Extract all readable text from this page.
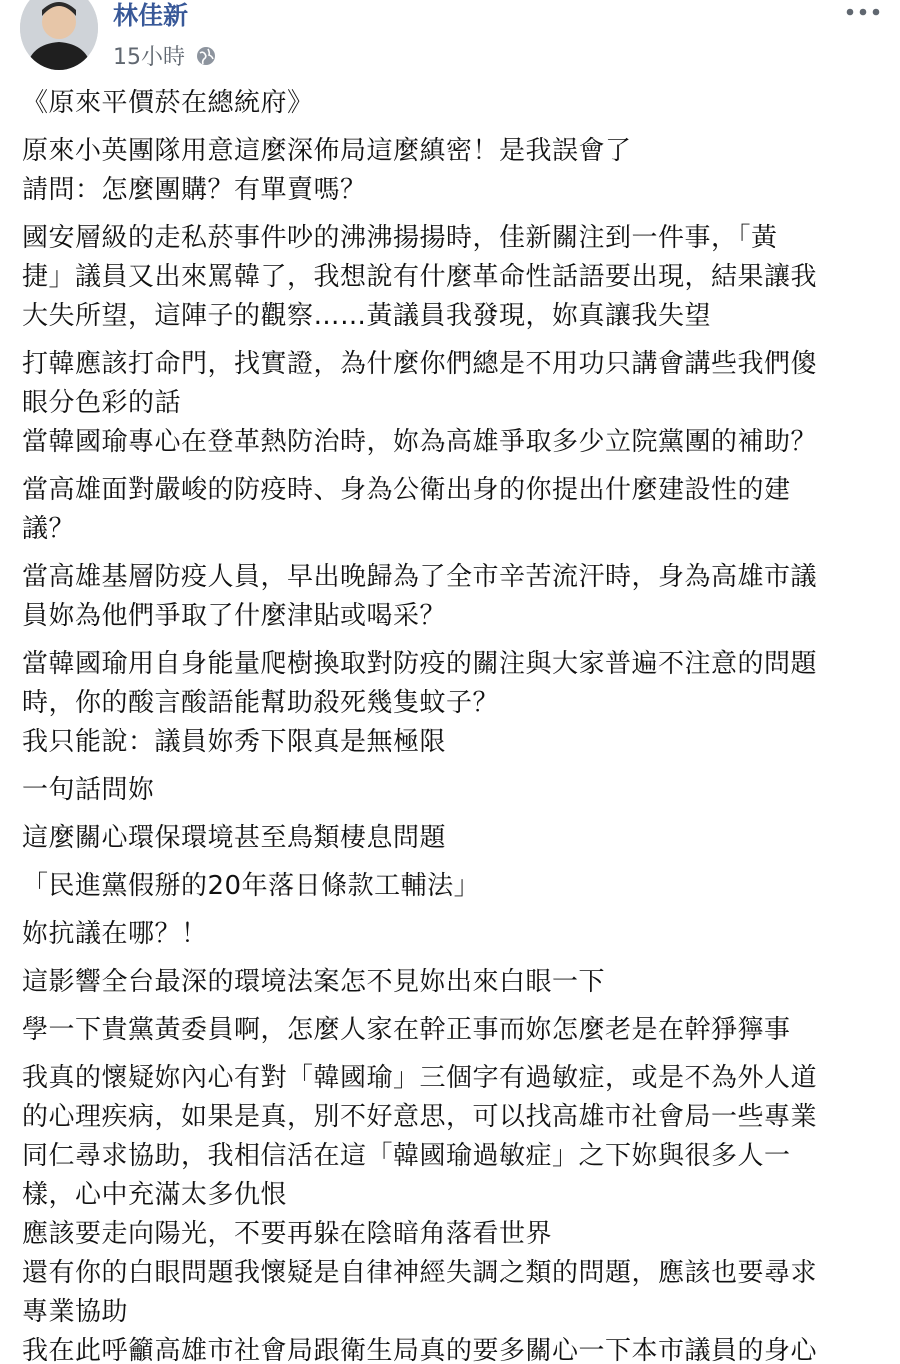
林佳新
15小時
《原來平價菸在總統府》
原來小英團隊用意這麼深佈局這麼縝密！是我誤會了
請問：怎麼團購？有單賣嗎？
國安層級的走私菸事件吵的沸沸揚揚時，佳新關注到一件事，「黃
捷」議員又出來罵韓了，我想說有什麼革命性話語要出現，結果讓我
大失所望，這陣子的觀察……黃議員我發現，妳真讓我失望
打韓應該打命門，找實證，為什麼你們總是不用功只講會講些我們傻
眼分色彩的話
當韓國瑜專心在登革熱防治時，妳為高雄爭取多少立院黨團的補助？
當高雄面對嚴峻的防疫時、身為公衛出身的你提出什麼建設性的建
議？
當高雄基層防疫人員，早出晚歸為了全市辛苦流汗時，身為高雄市議
員妳為他們爭取了什麼津貼或喝采？
當韓國瑜用自身能量爬樹換取對防疫的關注與大家普遍不注意的問題
時，你的酸言酸語能幫助殺死幾隻蚊子？
我只能說：議員妳秀下限真是無極限
一句話問妳
這麼關心環保環境甚至鳥類棲息問題
「民進黨假掰的20年落日條款工輔法」
妳抗議在哪？！
這影響全台最深的環境法案怎不見妳出來白眼一下
學一下貴黨黃委員啊，怎麼人家在幹正事而妳怎麼老是在幹猙獰事
我真的懷疑妳內心有對「韓國瑜」三個字有過敏症，或是不為外人道
的心理疾病，如果是真，別不好意思，可以找高雄市社會局一些專業
同仁尋求協助，我相信活在這「韓國瑜過敏症」之下妳與很多人一
樣，心中充滿太多仇恨
應該要走向陽光，不要再躲在陰暗角落看世界
還有你的白眼問題我懷疑是自律神經失調之類的問題，應該也要尋求
專業協助
我在此呼籲高雄市社會局跟衛生局真的要多關心一下本市議員的身心
